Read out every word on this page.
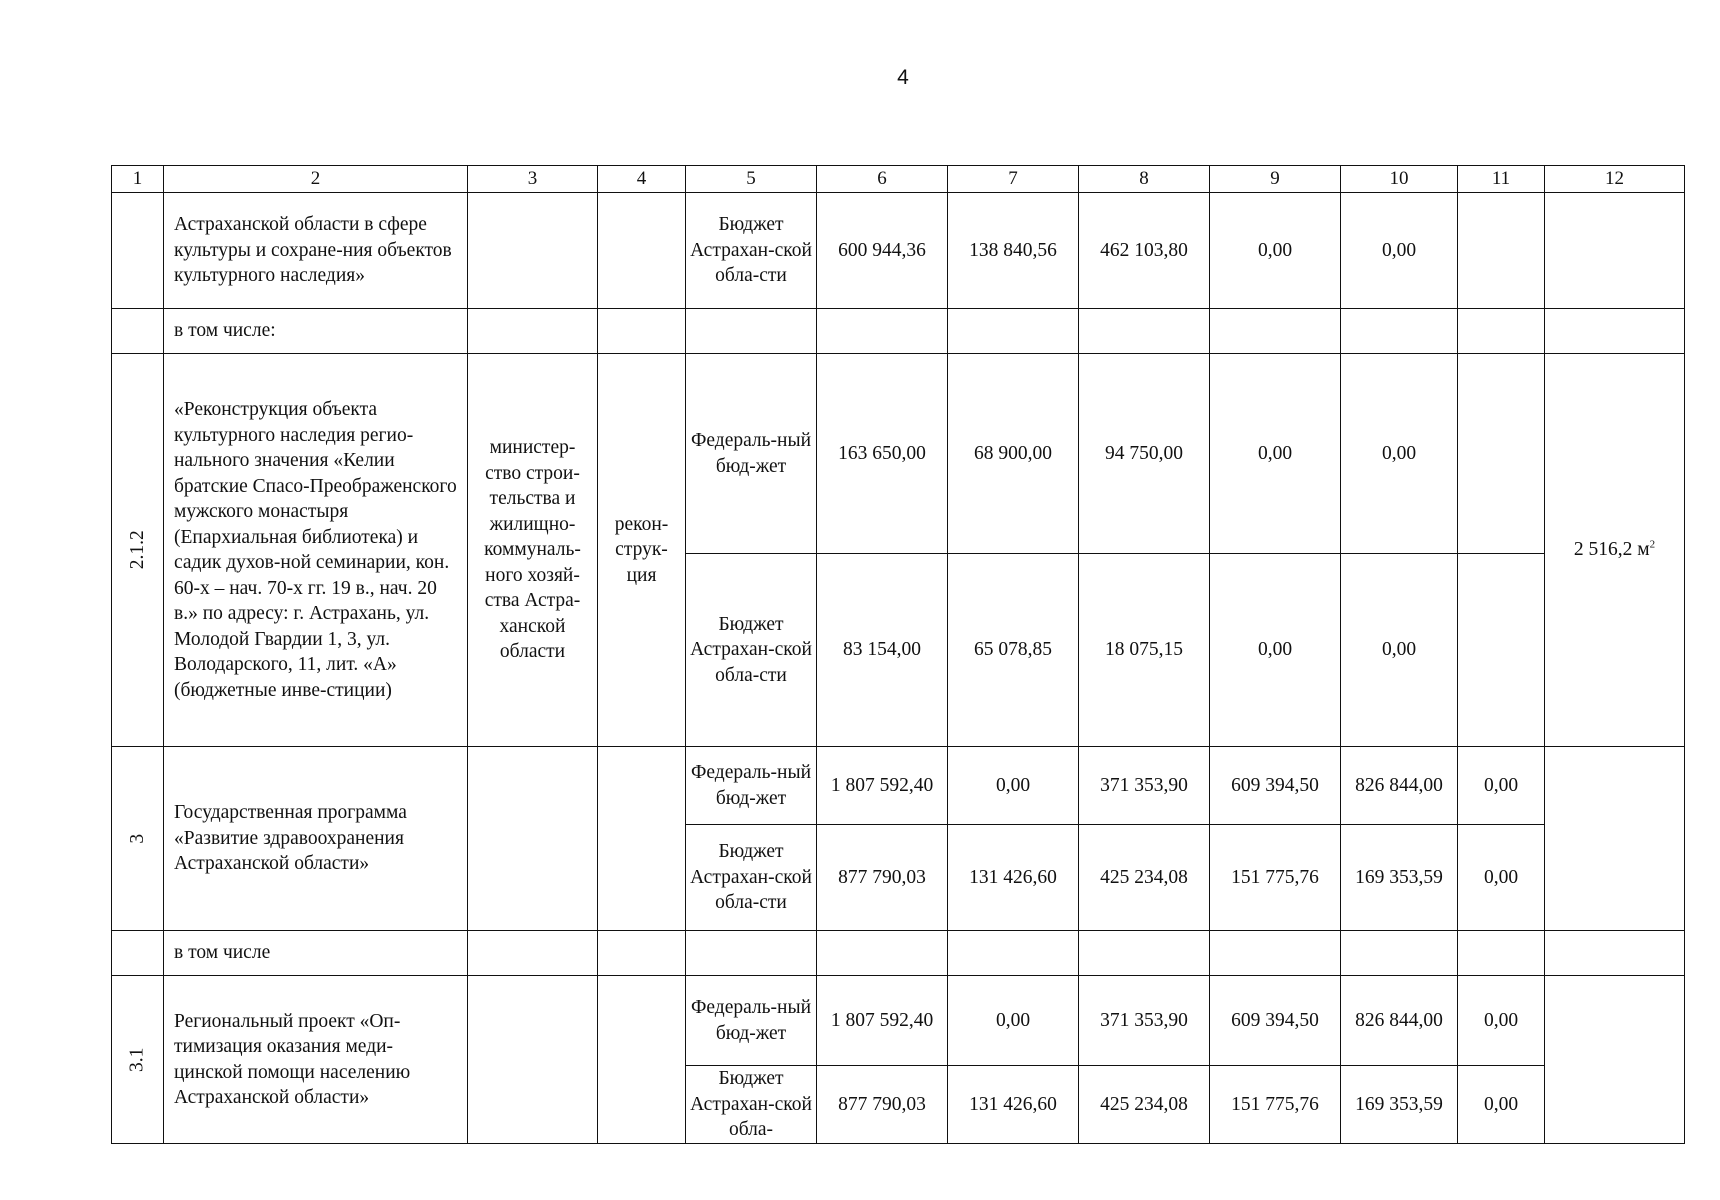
4
1	2	3	4	5	6	7	8	9	10	11	12
	Астраханской области в сфере культуры и сохране-ния объектов культурного наследия»			Бюджет Астрахан-ской обла-сти	600 944,36	138 840,56	462 103,80	0,00	0,00		
	в том числе:										
2.1.2	«Реконструкция объекта культурного наследия регио-нального значения «Келии братские Спасо-Преображенского мужского монастыря (Епархиальная библиотека) и садик духов-ной семинарии, кон. 60-х – нач. 70-х гг. 19 в., нач. 20 в.» по адресу: г. Астрахань, ул. Молодой Гвардии 1, 3, ул. Володарского, 11, лит. «А» (бюджетные инве-стиции)	министер-ство строи-тельства и жилищно-коммуналь-ного хозяй-ства Астра-ханской области	рекон-струк-ция	Федераль-ный бюд-жет	163 650,00	68 900,00	94 750,00	0,00	0,00		2 516,2 $м^2$
				Бюджет Астрахан-ской обла-сти	83 154,00	65 078,85	18 075,15	0,00	0,00		
3	Государственная программа «Развитие здравоохранения Астраханской области»			Федераль-ный бюд-жет	1 807 592,40	0,00	371 353,90	609 394,50	826 844,00	0,00	
				Бюджет Астрахан-ской обла-сти	877 790,03	131 426,60	425 234,08	151 775,76	169 353,59	0,00	
	в том числе										
3.1	Региональный проект «Оп-тимизация оказания меди-цинской помощи населению Астраханской области»			Федераль-ный бюд-жет	1 807 592,40	0,00	371 353,90	609 394,50	826 844,00	0,00	
				Бюджет Астрахан-ской обла-	877 790,03	131 426,60	425 234,08	151 775,76	169 353,59	0,00	
